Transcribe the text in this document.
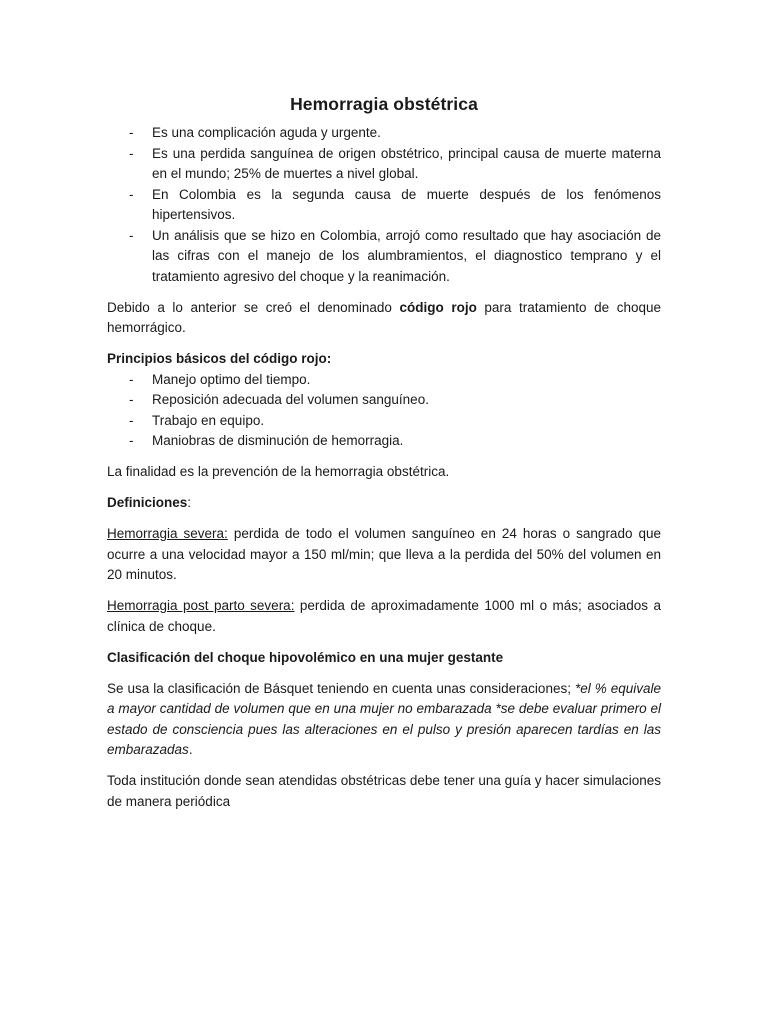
Hemorragia obstétrica
- Es una complicación aguda y urgente.
- Es una perdida sanguínea de origen obstétrico, principal causa de muerte materna en el mundo; 25% de muertes a nivel global.
- En Colombia es la segunda causa de muerte después de los fenómenos hipertensivos.
- Un análisis que se hizo en Colombia, arrojó como resultado que hay asociación de las cifras con el manejo de los alumbramientos, el diagnostico temprano y el tratamiento agresivo del choque y la reanimación.

Debido a lo anterior se creó el denominado código rojo para tratamiento de choque hemorrágico.

Principios básicos del código rojo:

- Manejo optimo del tiempo.
- Reposición adecuada del volumen sanguíneo.
- Trabajo en equipo.
- Maniobras de disminución de hemorragia.

La finalidad es la prevención de la hemorragia obstétrica.

Definiciones:

Hemorragia severa: perdida de todo el volumen sanguíneo en 24 horas o sangrado que ocurre a una velocidad mayor a 150 ml/min; que lleva a la perdida del 50% del volumen en 20 minutos.

Hemorragia post parto severa: perdida de aproximadamente 1000 ml o más; asociados a clínica de choque.

Clasificación del choque hipovolémico en una mujer gestante

Se usa la clasificación de Básquet teniendo en cuenta unas consideraciones; *el % equivale a mayor cantidad de volumen que en una mujer no embarazada *se debe evaluar primero el estado de consciencia pues las alteraciones en el pulso y presión aparecen tardías en las embarazadas.

Toda institución donde sean atendidas obstétricas debe tener una guía y hacer simulaciones de manera periódica
